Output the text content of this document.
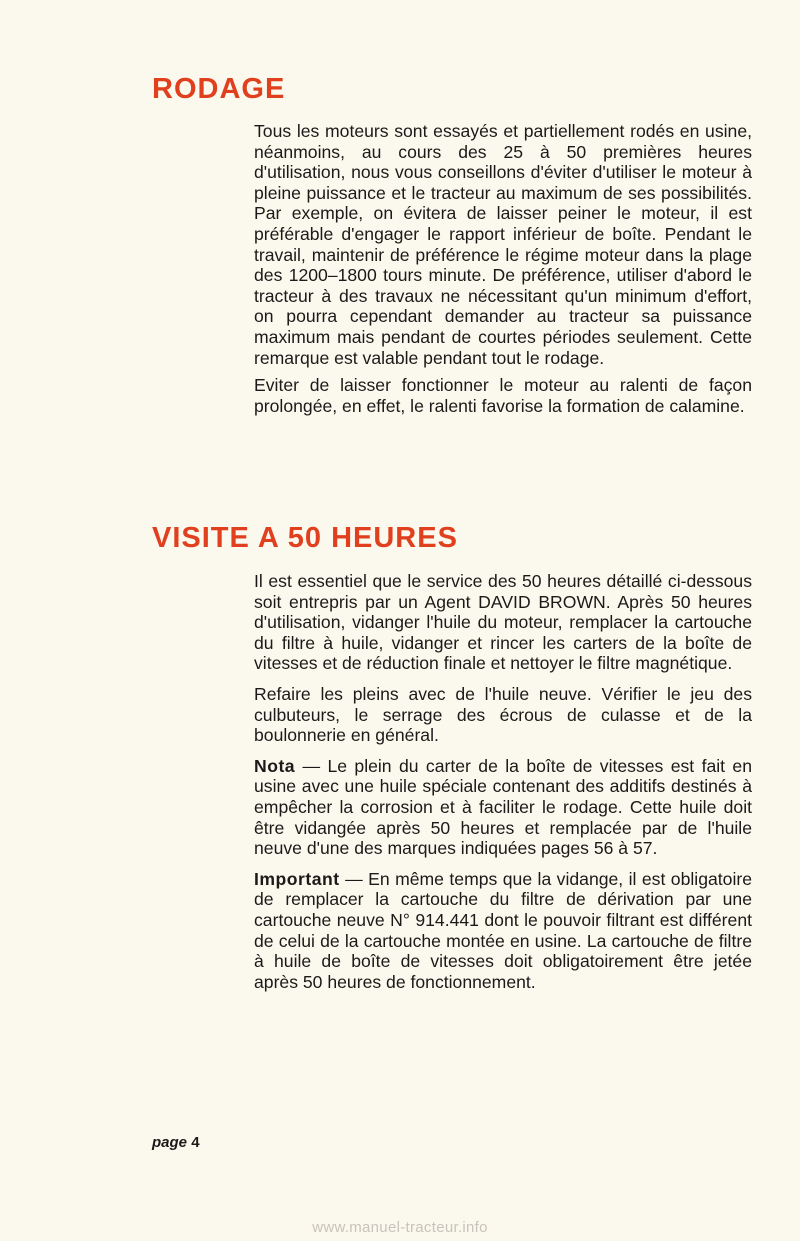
RODAGE

Tous les moteurs sont essayés et partiellement rodés en usine, néanmoins, au cours des 25 à 50 premières heures d'utilisation, nous vous conseillons d'éviter d'utiliser le moteur à pleine puissance et le tracteur au maximum de ses possibilités. Par exemple, on évitera de laisser peiner le moteur, il est préférable d'engager le rapport inférieur de boîte. Pendant le travail, maintenir de préférence le régime moteur dans la plage des 1200–1800 tours minute. De préférence, utiliser d'abord le tracteur à des travaux ne nécessitant qu'un minimum d'effort, on pourra cependant demander au tracteur sa puissance maximum mais pendant de courtes périodes seulement. Cette remarque est valable pendant tout le rodage.

Eviter de laisser fonctionner le moteur au ralenti de façon prolongée, en effet, le ralenti favorise la formation de calamine.

VISITE A 50 HEURES

Il est essentiel que le service des 50 heures détaillé ci-dessous soit entrepris par un Agent DAVID BROWN. Après 50 heures d'utilisation, vidanger l'huile du moteur, remplacer la cartouche du filtre à huile, vidanger et rincer les carters de la boîte de vitesses et de réduction finale et nettoyer le filtre magnétique.

Refaire les pleins avec de l'huile neuve. Vérifier le jeu des culbuteurs, le serrage des écrous de culasse et de la boulonnerie en général.

Nota — Le plein du carter de la boîte de vitesses est fait en usine avec une huile spéciale contenant des additifs destinés à empêcher la corrosion et à faciliter le rodage. Cette huile doit être vidangée après 50 heures et remplacée par de l'huile neuve d'une des marques indiquées pages 56 à 57.

Important — En même temps que la vidange, il est obligatoire de remplacer la cartouche du filtre de dérivation par une cartouche neuve N° 914.441 dont le pouvoir filtrant est différent de celui de la cartouche montée en usine. La cartouche de filtre à huile de boîte de vitesses doit obligatoirement être jetée après 50 heures de fonctionnement.

page 4
www.manuel-tracteur.info
